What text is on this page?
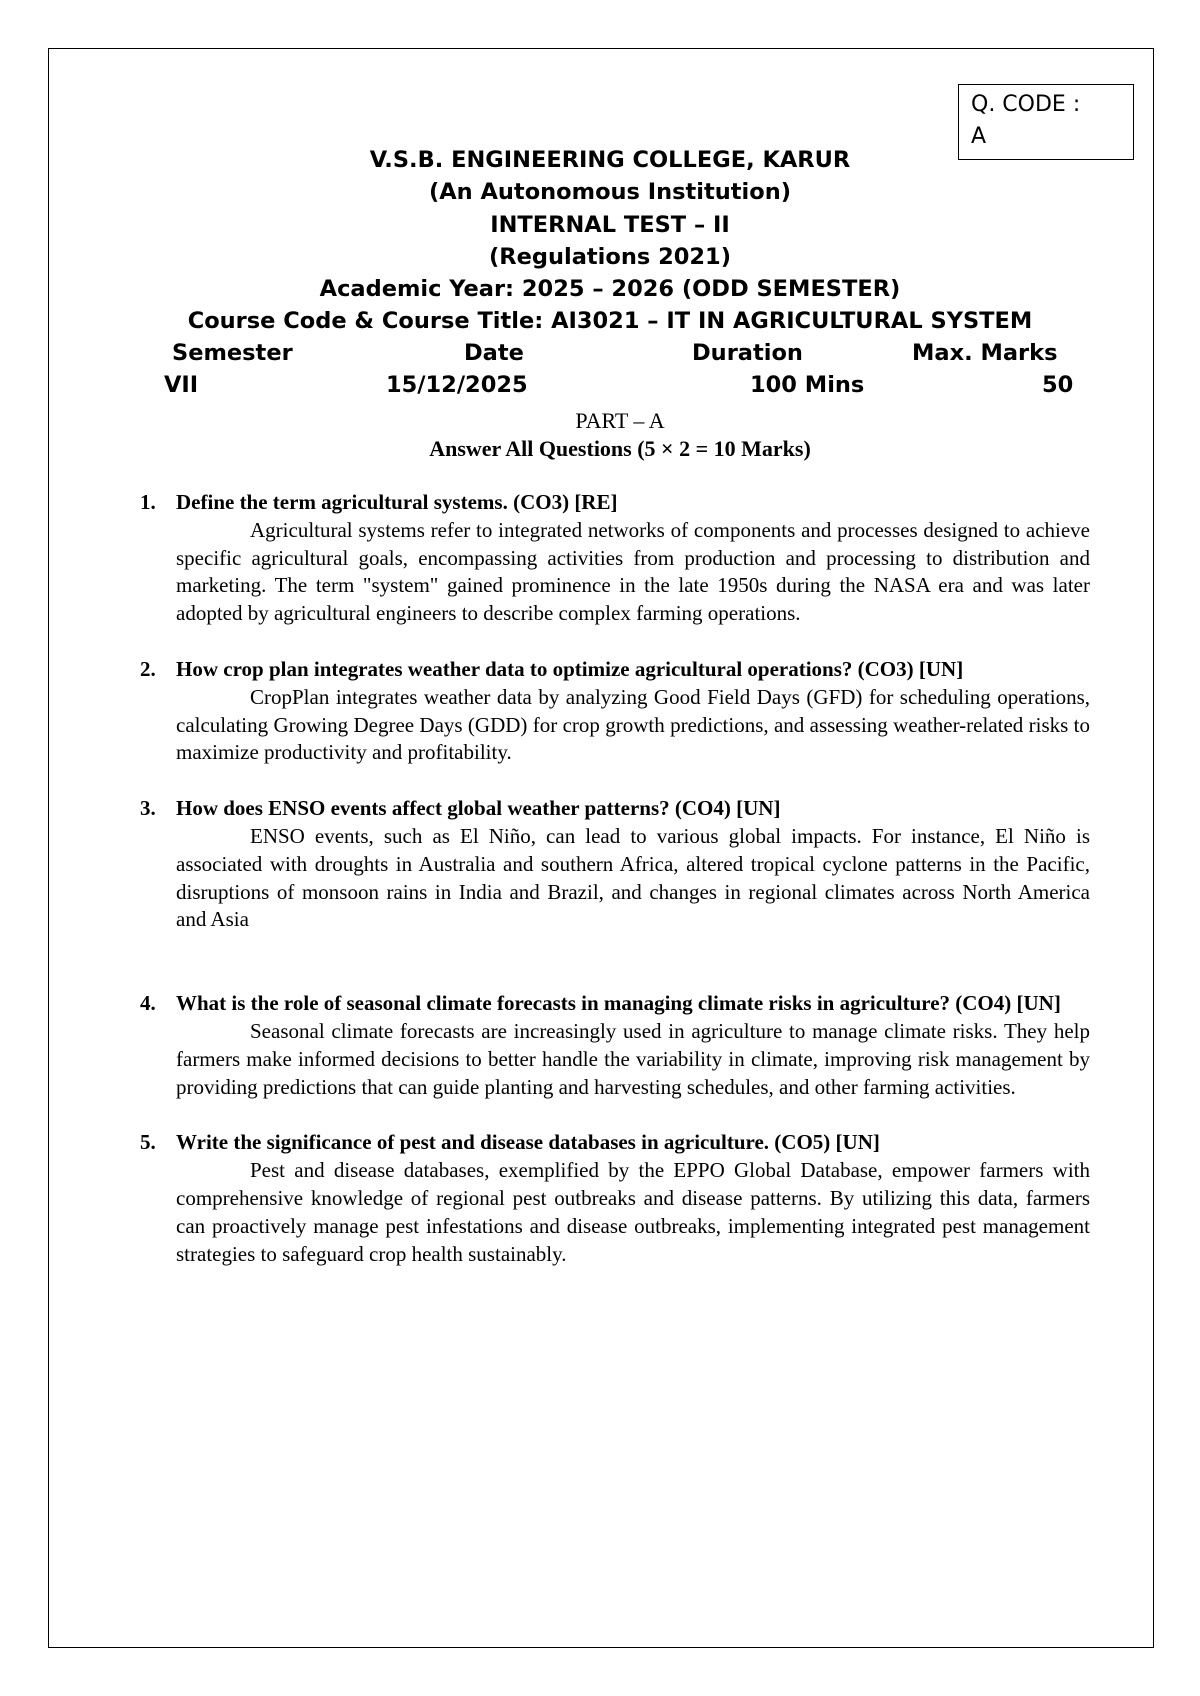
Q. CODE :
A
V.S.B. ENGINEERING COLLEGE, KARUR
(An Autonomous Institution)
INTERNAL TEST – II
(Regulations 2021)
Academic Year: 2025 – 2026 (ODD SEMESTER)
Course Code & Course Title: AI3021 – IT IN AGRICULTURAL SYSTEM
Semester	Date	Duration	Max. Marks
VII	15/12/2025	100 Mins	50
PART – A
Answer All Questions (5 × 2 = 10 Marks)
1. Define the term agricultural systems. (CO3) [RE]
Agricultural systems refer to integrated networks of components and processes designed to achieve specific agricultural goals, encompassing activities from production and processing to distribution and marketing. The term "system" gained prominence in the late 1950s during the NASA era and was later adopted by agricultural engineers to describe complex farming operations.
2. How crop plan integrates weather data to optimize agricultural operations? (CO3) [UN]
CropPlan integrates weather data by analyzing Good Field Days (GFD) for scheduling operations, calculating Growing Degree Days (GDD) for crop growth predictions, and assessing weather-related risks to maximize productivity and profitability.
3. How does ENSO events affect global weather patterns? (CO4) [UN]
ENSO events, such as El Niño, can lead to various global impacts. For instance, El Niño is associated with droughts in Australia and southern Africa, altered tropical cyclone patterns in the Pacific, disruptions of monsoon rains in India and Brazil, and changes in regional climates across North America and Asia
4. What is the role of seasonal climate forecasts in managing climate risks in agriculture? (CO4) [UN]
Seasonal climate forecasts are increasingly used in agriculture to manage climate risks. They help farmers make informed decisions to better handle the variability in climate, improving risk management by providing predictions that can guide planting and harvesting schedules, and other farming activities.
5. Write the significance of pest and disease databases in agriculture. (CO5) [UN]
Pest and disease databases, exemplified by the EPPO Global Database, empower farmers with comprehensive knowledge of regional pest outbreaks and disease patterns. By utilizing this data, farmers can proactively manage pest infestations and disease outbreaks, implementing integrated pest management strategies to safeguard crop health sustainably.
